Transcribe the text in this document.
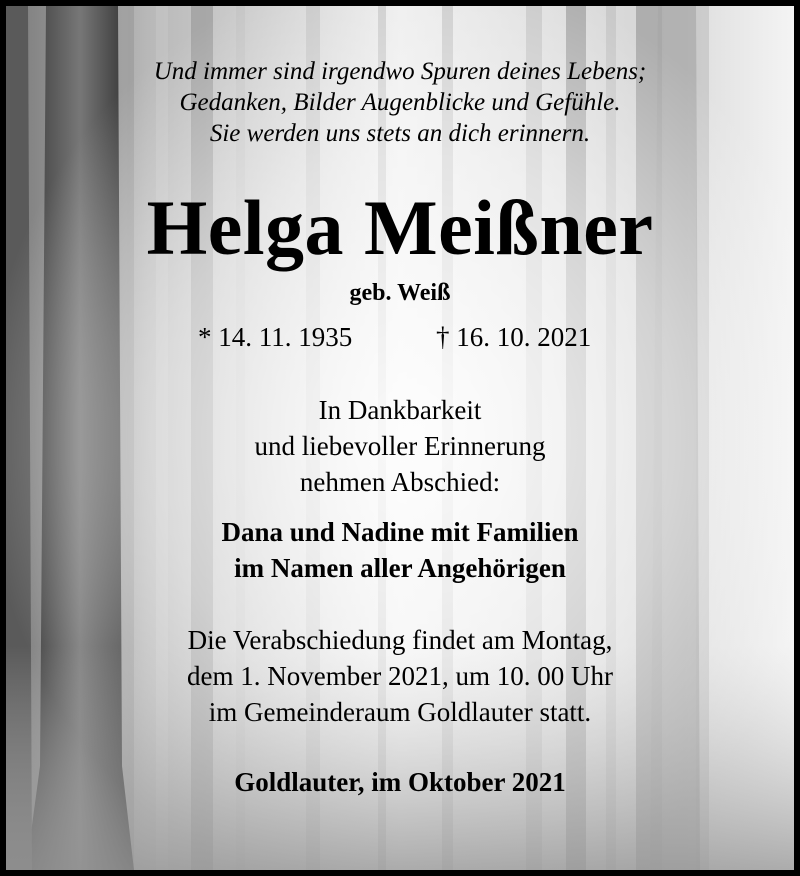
Und immer sind irgendwo Spuren deines Lebens;
Gedanken, Bilder Augenblicke und Gefühle.
Sie werden uns stets an dich erinnern.
Helga Meißner
geb. Weiß
* 14. 11. 1935	† 16. 10. 2021
In Dankbarkeit
und liebevoller Erinnerung
nehmen Abschied:
Dana und Nadine mit Familien
im Namen aller Angehörigen
Die Verabschiedung findet am Montag,
dem 1. November 2021, um 10. 00 Uhr
im Gemeinderaum Goldlauter statt.
Goldlauter, im Oktober 2021
